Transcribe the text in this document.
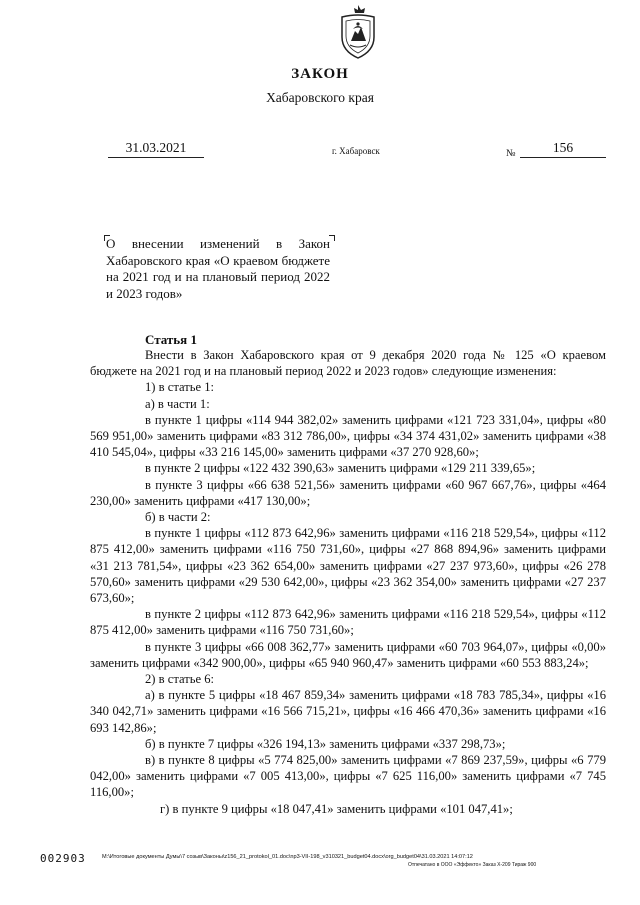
ЗАКОН
Хабаровского края
31.03.2021	г. Хабаровск	№	156
О внесении изменений в Закон Хабаровского края «О краевом бюджете на 2021 год и на плановый период 2022 и 2023 годов»
Статья 1

Внести в Закон Хабаровского края от 9 декабря 2020 года № 125 «О краевом бюджете на 2021 год и на плановый период 2022 и 2023 годов» следующие изменения:

1) в статье 1:

а) в части 1:

в пункте 1 цифры «114 944 382,02» заменить цифрами «121 723 331,04», цифры «80 569 951,00» заменить цифрами «83 312 786,00», цифры «34 374 431,02» заменить цифрами «38 410 545,04», цифры «33 216 145,00» заменить цифрами «37 270 928,60»;

в пункте 2 цифры «122 432 390,63» заменить цифрами «129 211 339,65»;

в пункте 3 цифры «66 638 521,56» заменить цифрами «60 967 667,76», цифры «464 230,00» заменить цифрами «417 130,00»;

б) в части 2:

в пункте 1 цифры «112 873 642,96» заменить цифрами «116 218 529,54», цифры «112 875 412,00» заменить цифрами «116 750 731,60», цифры «27 868 894,96» заменить цифрами «31 213 781,54», цифры «23 362 654,00» заменить цифрами «27 237 973,60», цифры «26 278 570,60» заменить цифрами «29 530 642,00», цифры «23 362 354,00» заменить цифрами «27 237 673,60»;

в пункте 2 цифры «112 873 642,96» заменить цифрами «116 218 529,54», цифры «112 875 412,00» заменить цифрами «116 750 731,60»;

в пункте 3 цифры «66 008 362,77» заменить цифрами «60 703 964,07», цифры «0,00» заменить цифрами «342 900,00», цифры «65 940 960,47» заменить цифрами «60 553 883,24»;

2) в статье 6:

а) в пункте 5 цифры «18 467 859,34» заменить цифрами «18 783 785,34», цифры «16 340 042,71» заменить цифрами «16 566 715,21», цифры «16 466 470,36» заменить цифрами «16 693 142,86»;

б) в пункте 7 цифры «326 194,13» заменить цифрами «337 298,73»;

в) в пункте 8 цифры «5 774 825,00» заменить цифрами «7 869 237,59», цифры «6 779 042,00» заменить цифрами «7 005 413,00», цифры «7 625 116,00» заменить цифрами «7 745 116,00»;

г) в пункте 9 цифры «18 047,41» заменить цифрами «101 047,41»;

002903	M:\Итоговые документы Думы\7 созыв\Законы\z156_21_protokol_01.doc\np3-VII-198_v310321_budget04.docx\org_budget04\31.03.2021 14:07:12
Отпечатано в ООО «Эффекто» Заказ Х-209 Тираж 900
